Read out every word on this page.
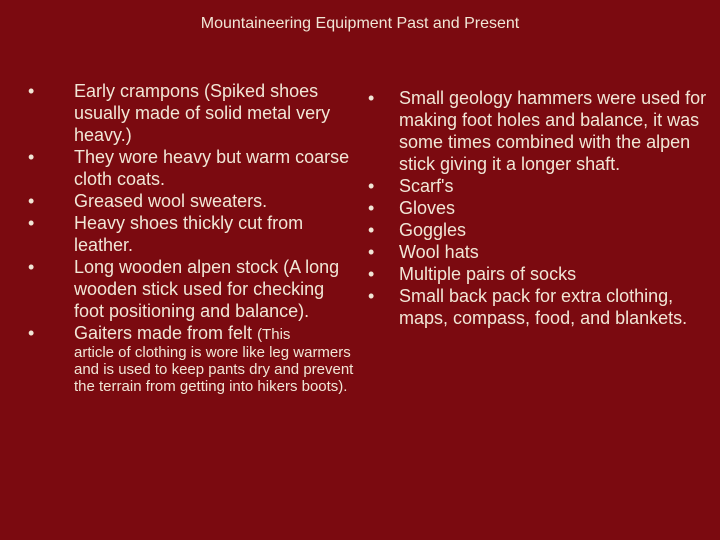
Mountaineering Equipment Past and Present
•	Early crampons (Spiked shoes usually made of solid metal very heavy.)
•	They wore heavy but warm coarse cloth coats.
•	Greased wool sweaters.
•	Heavy shoes thickly cut from leather.
•	Long wooden alpen stock (A long wooden stick used for checking foot positioning and balance).
•	Gaiters made from felt (This
article of clothing is wore like leg warmers and is used to keep pants dry and prevent the terrain from getting into hikers boots).
•	Small geology hammers were used for making foot holes and balance, it was some times combined with the alpen stick giving it a longer shaft.
•	Scarf's
•	Gloves
•	Goggles
•	Wool hats
•	Multiple pairs of socks
•	Small back pack for extra clothing, maps, compass, food, and blankets.
